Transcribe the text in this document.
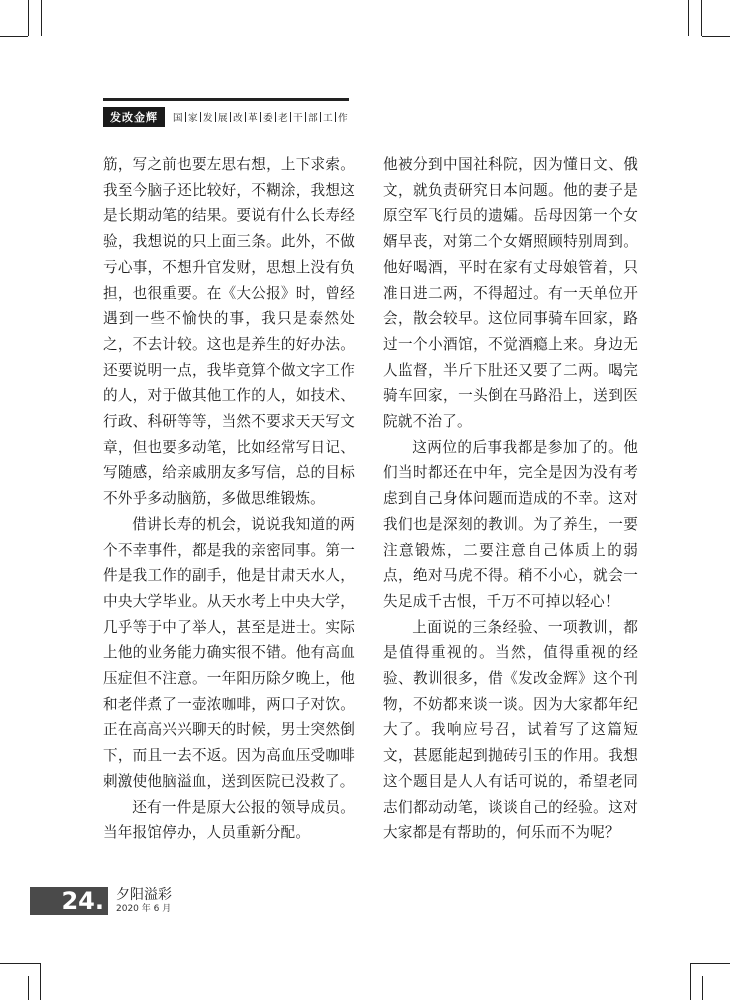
发改金辉	国 家 发 展 改 革 委 老 干 部 工 作

筋，写之前也要左思右想，上下求索。我至今脑子还比较好，不糊涂，我想这是长期动笔的结果。要说有什么长寿经验，我想说的只上面三条。此外，不做亏心事，不想升官发财，思想上没有负担，也很重要。在《大公报》时，曾经遇到一些不愉快的事，我只是泰然处之，不去计较。这也是养生的好办法。还要说明一点，我毕竟算个做文字工作的人，对于做其他工作的人，如技术、行政、科研等等，当然不要求天天写文章，但也要多动笔，比如经常写日记、写随感，给亲戚朋友多写信，总的目标不外乎多动脑筋，多做思维锻炼。

借讲长寿的机会，说说我知道的两个不幸事件，都是我的亲密同事。第一件是我工作的副手，他是甘肃天水人，中央大学毕业。从天水考上中央大学，几乎等于中了举人，甚至是进士。实际上他的业务能力确实很不错。他有高血压症但不注意。一年阳历除夕晚上，他和老伴煮了一壶浓咖啡，两口子对饮。正在高高兴兴聊天的时候，男士突然倒下，而且一去不返。因为高血压受咖啡刺激使他脑溢血，送到医院已没救了。

还有一件是原大公报的领导成员。当年报馆停办，人员重新分配。

他被分到中国社科院，因为懂日文、俄文，就负责研究日本问题。他的妻子是原空军飞行员的遗孀。岳母因第一个女婿早丧，对第二个女婿照顾特别周到。他好喝酒，平时在家有丈母娘管着，只准日进二两，不得超过。有一天单位开会，散会较早。这位同事骑车回家，路过一个小酒馆，不觉酒瘾上来。身边无人监督，半斤下肚还又要了二两。喝完骑车回家，一头倒在马路沿上，送到医院就不治了。

这两位的后事我都是参加了的。他们当时都还在中年，完全是因为没有考虑到自己身体问题而造成的不幸。这对我们也是深刻的教训。为了养生，一要注意锻炼，二要注意自己体质上的弱点，绝对马虎不得。稍不小心，就会一失足成千古恨，千万不可掉以轻心！

上面说的三条经验、一项教训，都是值得重视的。当然，值得重视的经验、教训很多，借《发改金辉》这个刊物，不妨都来谈一谈。因为大家都年纪大了。我响应号召，试着写了这篇短文，甚愿能起到抛砖引玉的作用。我想这个题目是人人有话可说的，希望老同志们都动动笔，谈谈自己的经验。这对大家都是有帮助的，何乐而不为呢？

24. 夕阳溢彩
2020 年 6 月
